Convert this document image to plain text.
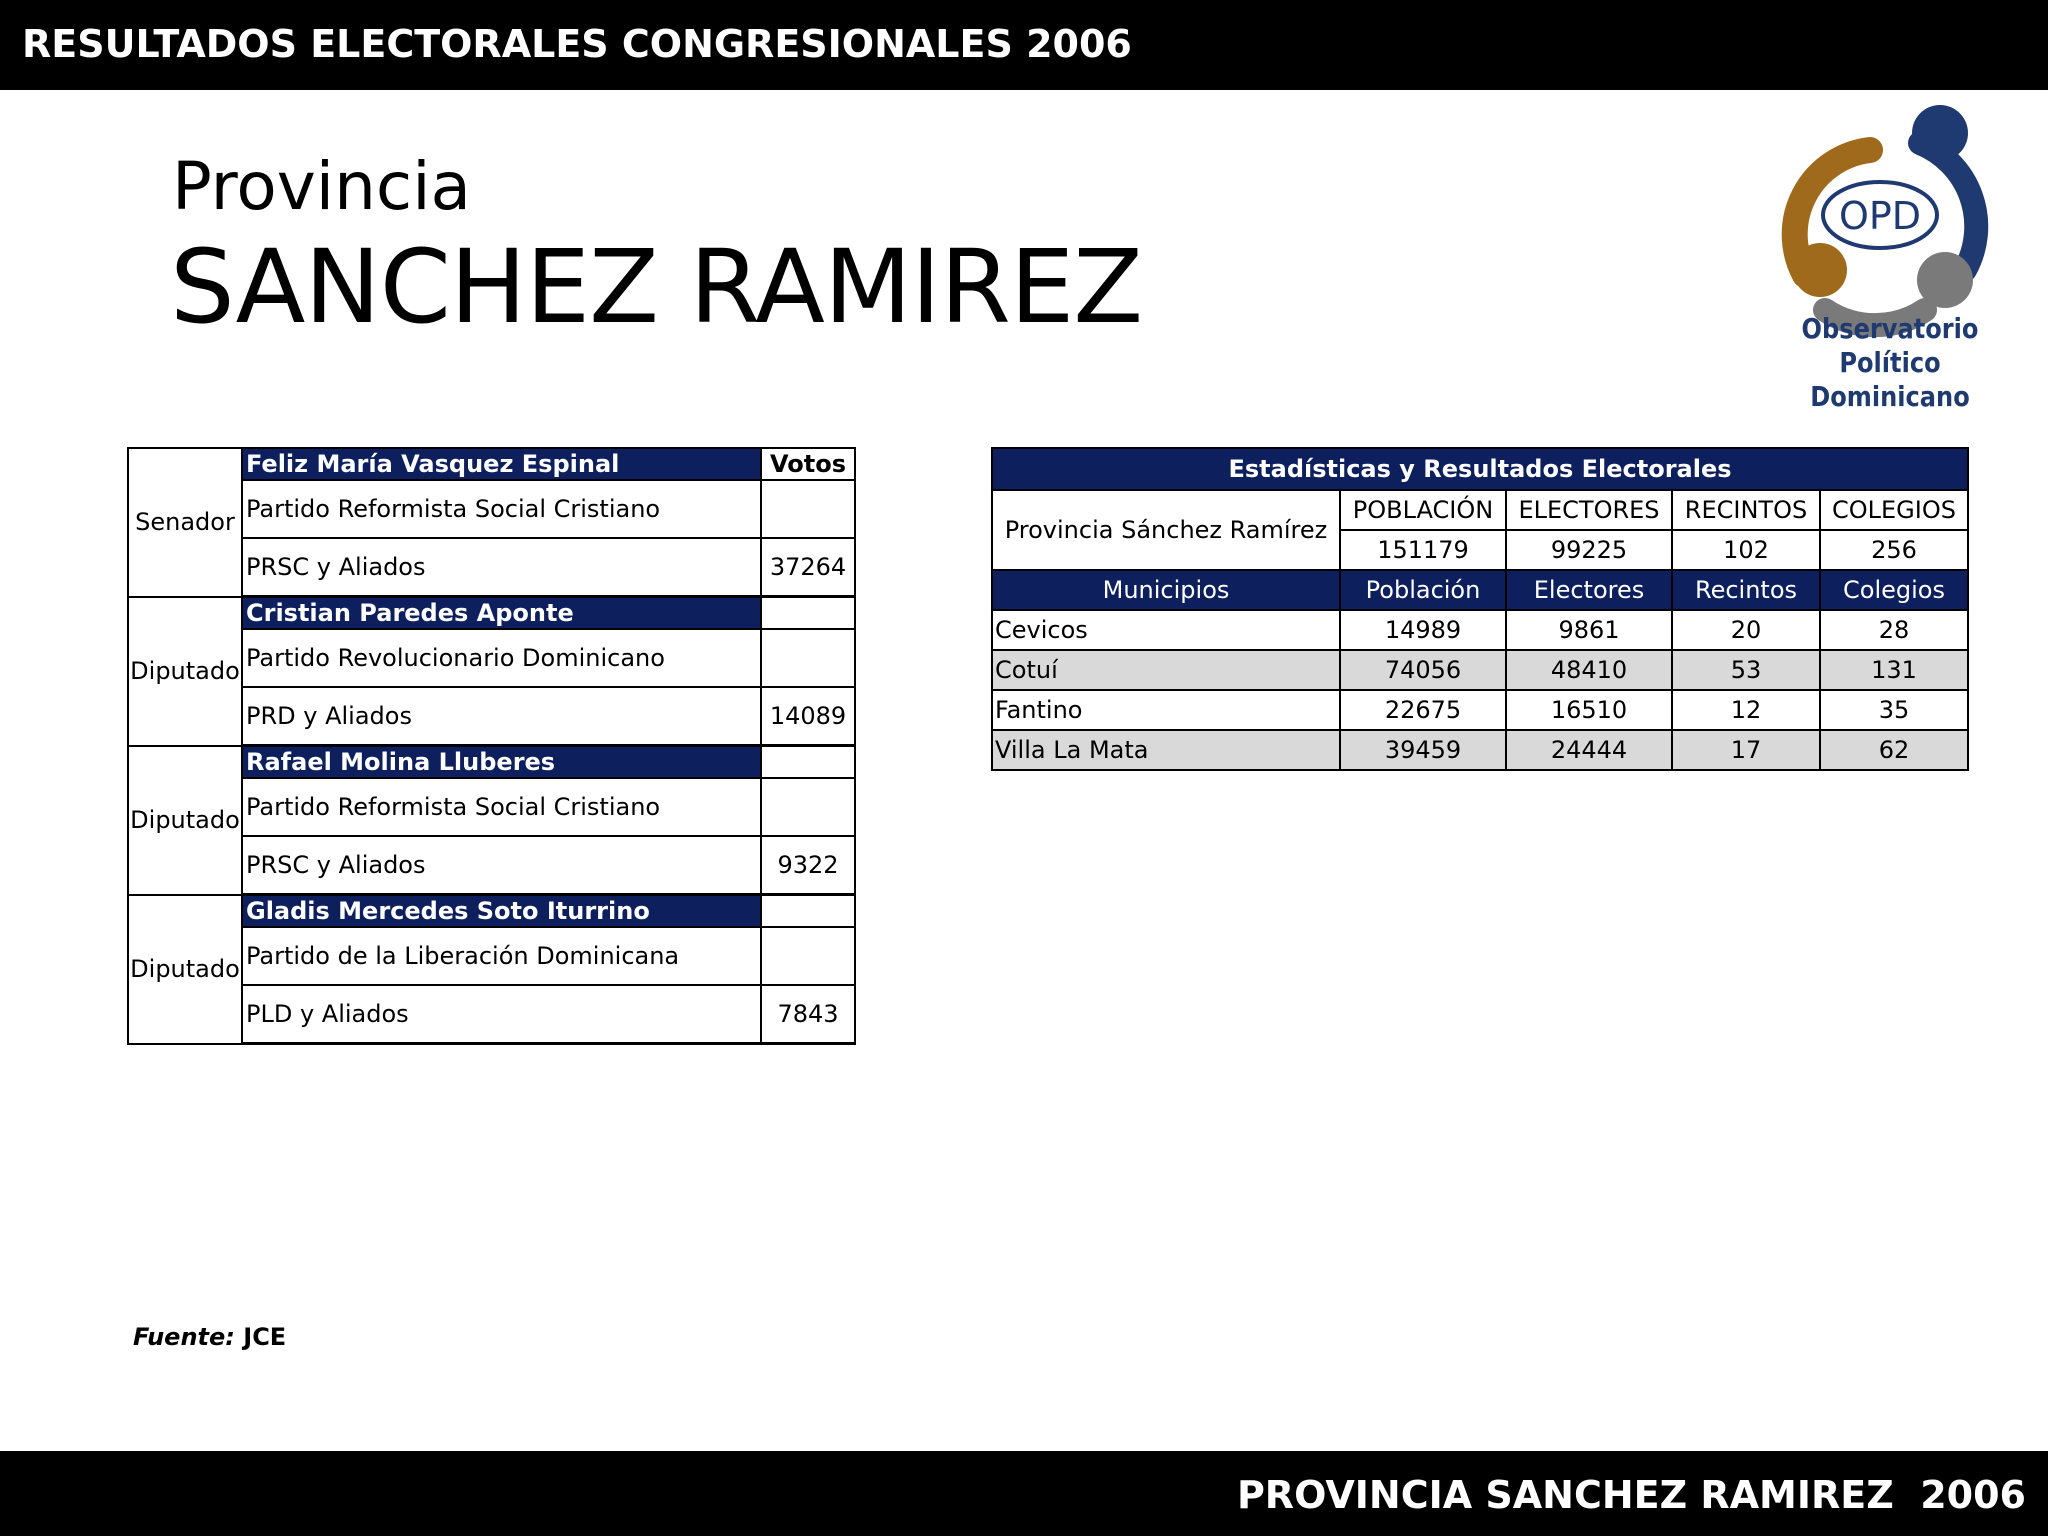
RESULTADOS ELECTORALES CONGRESIONALES 2006
Provincia
SANCHEZ RAMIREZ
OPD
Observatorio Político
Dominicano
Senador	Feliz María Vasquez Espinal	Votos
	Partido Reformista Social Cristiano	
	PRSC y Aliados	37264
Diputado	Cristian Paredes Aponte	
	Partido Revolucionario Dominicano	
	PRD y Aliados	14089
Diputado	Rafael Molina Lluberes	
	Partido Reformista Social Cristiano	
	PRSC y Aliados	9322
Diputado	Gladis Mercedes Soto Iturrino	
	Partido de la Liberación Dominicana	
	PLD y Aliados	7843
Estadísticas y Resultados Electorales				
Provincia Sánchez Ramírez	POBLACIÓN	ELECTORES	RECINTOS	COLEGIOS
	151179	99225	102	256
Municipios	Población	Electores	Recintos	Colegios
Cevicos	14989	9861	20	28
Cotuí	74056	48410	53	131
Fantino	22675	16510	12	35
Villa La Mata	39459	24444	17	62
Fuente: JCE
PROVINCIA SANCHEZ RAMIREZ  2006
